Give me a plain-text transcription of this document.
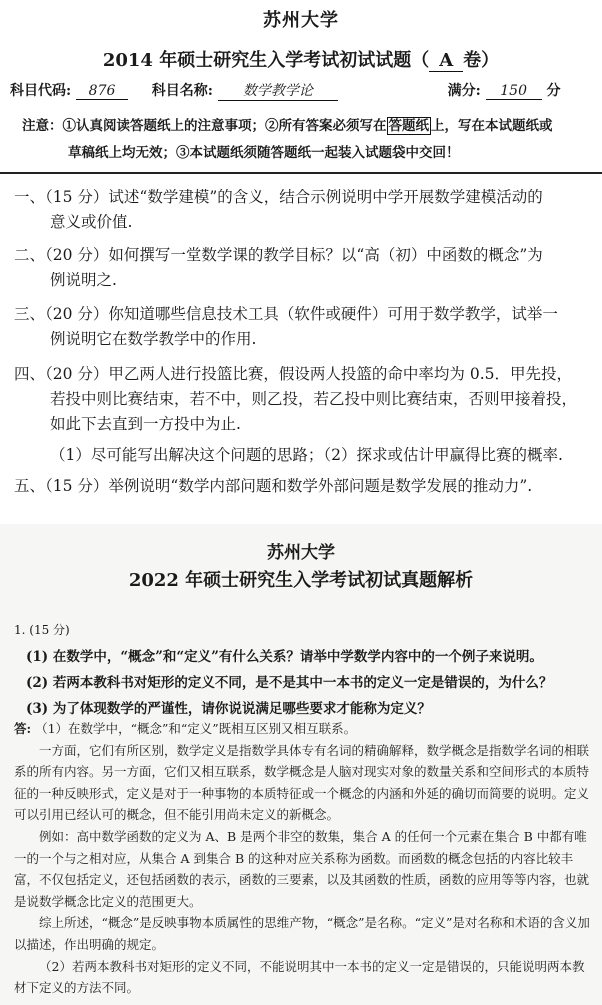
苏州大学
2014 年硕士研究生入学考试初试试题（ A 卷）
科目代码: 876	科目名称: 数学教学论	满分: 150 分
注意：①认真阅读答题纸上的注意事项；②所有答案必须写在 答题纸 上，写在本试题纸或
草稿纸上均无效；③本试题纸须随答题纸一起装入试题袋中交回！
一、（15 分）试述“数学建模”的含义，结合示例说明中学开展数学建模活动的
意义或价值.
二、（20 分）如何撰写一堂数学课的教学目标？以“高（初）中函数的概念”为
例说明之.
三、（20 分）你知道哪些信息技术工具（软件或硬件）可用于数学教学，试举一
例说明它在数学教学中的作用.
四、（20 分）甲乙两人进行投篮比赛，假设两人投篮的命中率均为 0.5．甲先投，
若投中则比赛结束，若不中，则乙投，若乙投中则比赛结束，否则甲接着投，
如此下去直到一方投中为止.
（1）尽可能写出解决这个问题的思路；（2）探求或估计甲赢得比赛的概率.
五、（15 分）举例说明“数学内部问题和数学外部问题是数学发展的推动力”.
苏州大学
2022 年硕士研究生入学考试初试真题解析
1. (15 分)
(1) 在数学中，“概念”和“定义”有什么关系？请举中学数学内容中的一个例子来说明。
(2) 若两本教科书对矩形的定义不同，是不是其中一本书的定义一定是错误的，为什么？
(3) 为了体现数学的严谨性，请你说说满足哪些要求才能称为定义？

答: （1）在数学中，“概念”和“定义”既相互区别又相互联系。

一方面，它们有所区别，数学定义是指数学具体专有名词的精确解释，数学概念是指数学名词的相联系的所有内容。另一方面，它们又相互联系，数学概念是人脑对现实对象的数量关系和空间形式的本质特征的一种反映形式，定义是对于一种事物的本质特征或一个概念的内涵和外延的确切而简要的说明。定义可以引用已经认可的概念，但不能引用尚未定义的新概念。

例如：高中数学函数的定义为 A、B 是两个非空的数集，集合 A 的任何一个元素在集合 B 中都有唯一的一个与之相对应，从集合 A 到集合 B 的这种对应关系称为函数。而函数的概念包括的内容比较丰富，不仅包括定义，还包括函数的表示，函数的三要素，以及其函数的性质，函数的应用等等内容，也就是说数学概念比定义的范围更大。

综上所述，“概念”是反映事物本质属性的思维产物，“概念”是名称。“定义”是对名称和术语的含义加以描述，作出明确的规定。

（2）若两本教科书对矩形的定义不同，不能说明其中一本书的定义一定是错误的，只能说明两本教材下定义的方法不同。
